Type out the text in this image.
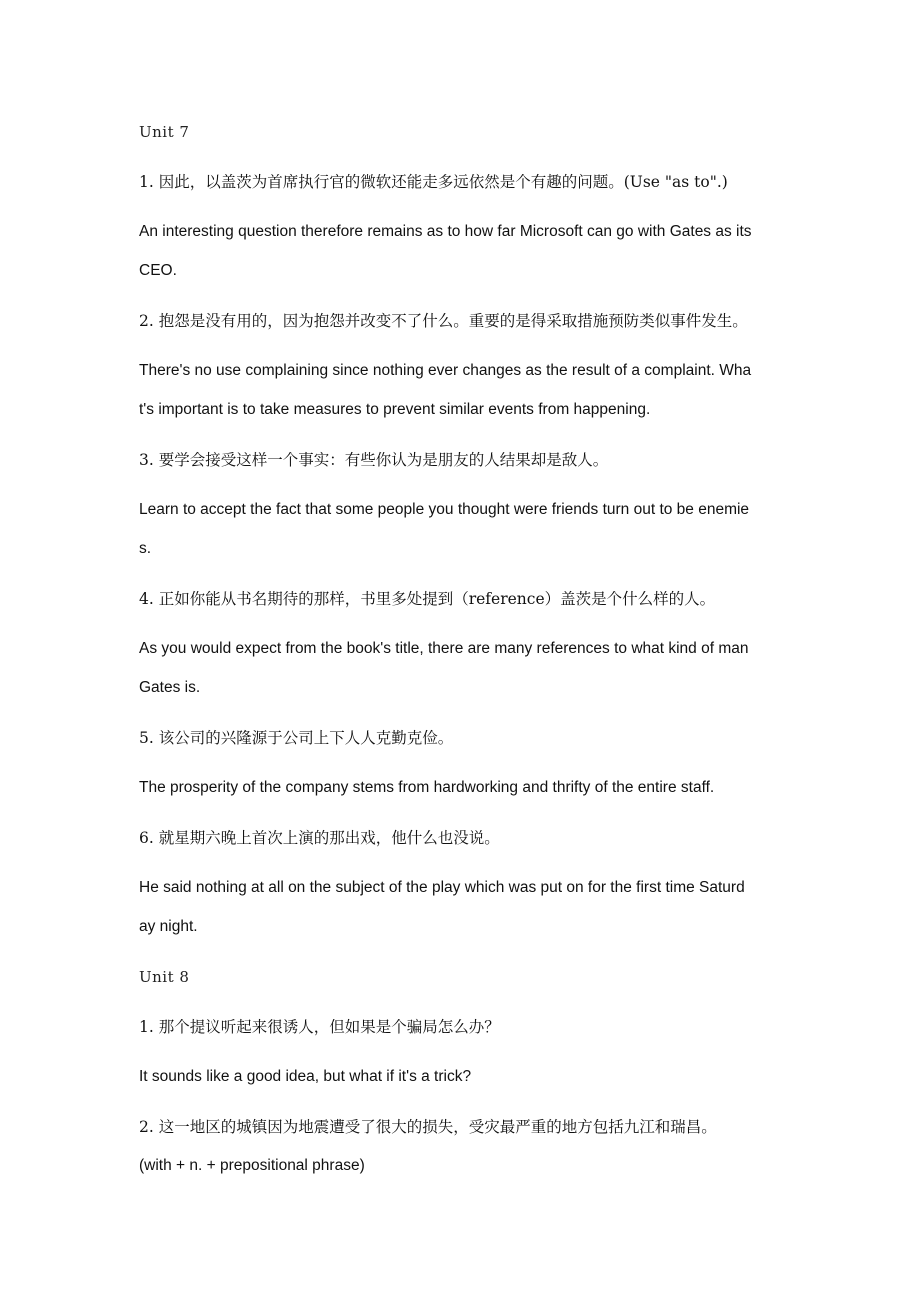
Unit 7
1. 因此，以盖茨为首席执行官的微软还能走多远依然是个有趣的问题。(Use "as to".)
An interesting question therefore remains as to how far Microsoft can go with Gates as its
CEO.
2. 抱怨是没有用的，因为抱怨并改变不了什么。重要的是得采取措施预防类似事件发生。
There's no use complaining since nothing ever changes as the result of a complaint. Wha
t's important is to take measures to prevent similar events from happening.
3. 要学会接受这样一个事实：有些你认为是朋友的人结果却是敌人。
Learn to accept the fact that some people you thought were friends turn out to be enemie
s.
4. 正如你能从书名期待的那样，书里多处提到（reference）盖茨是个什么样的人。
As you would expect from the book's title, there are many references to what kind of man
Gates is.
5. 该公司的兴隆源于公司上下人人克勤克俭。
The prosperity of the company stems from hardworking and thrifty of the entire staff.
6. 就星期六晚上首次上演的那出戏，他什么也没说。
He said nothing at all on the subject of the play which was put on for the first time Saturd
ay night.
Unit 8
1. 那个提议听起来很诱人，但如果是个骗局怎么办？
It sounds like a good idea, but what if it's a trick?
2. 这一地区的城镇因为地震遭受了很大的损失，受灾最严重的地方包括九江和瑞昌。
(with + n. + prepositional phrase)
